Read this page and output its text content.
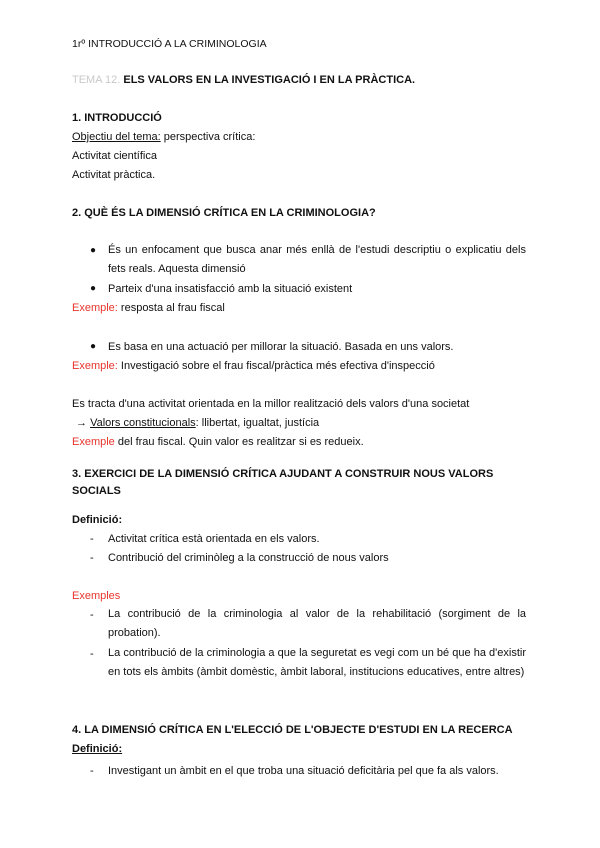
1rº INTRODUCCIÓ A LA CRIMINOLOGIA
TEMA 12. ELS VALORS EN LA INVESTIGACIÓ I EN LA PRÀCTICA.
1. INTRODUCCIÓ
Objectiu del tema: perspectiva crítica:
Activitat científica
Activitat pràctica.
2. QUÈ ÉS LA DIMENSIÓ CRÍTICA EN LA CRIMINOLOGIA?
● És un enfocament que busca anar més enllà de l'estudi descriptiu o explicatiu dels fets reals. Aquesta dimensió
● Parteix d'una insatisfacció amb la situació existent
Exemple: resposta al frau fiscal
● Es basa en una actuació per millorar la situació. Basada en uns valors.
Exemple: Investigació sobre el frau fiscal/pràctica més efectiva d'inspecció
Es tracta d'una activitat orientada en la millor realització dels valors d'una societat
→ Valors constitucionals: llibertat, igualtat, justícia
Exemple del frau fiscal. Quin valor es realitzar si es redueix.
3. EXERCICI DE LA DIMENSIÓ CRÍTICA AJUDANT A CONSTRUIR NOUS VALORS
SOCIALS
Definició:
- Activitat crítica està orientada en els valors.
- Contribució del criminòleg a la construcció de nous valors
Exemples
- La contribució de la criminologia al valor de la rehabilitació (sorgiment de la probation).
- La contribució de la criminologia a que la seguretat es vegi com un bé que ha d'existir en tots els àmbits (àmbit domèstic, àmbit laboral, institucions educatives, entre altres)
4. LA DIMENSIÓ CRÍTICA EN L'ELECCIÓ DE L'OBJECTE D'ESTUDI EN LA RECERCA
Definició:
- Investigant un àmbit en el que troba una situació deficitària pel que fa als valors.
